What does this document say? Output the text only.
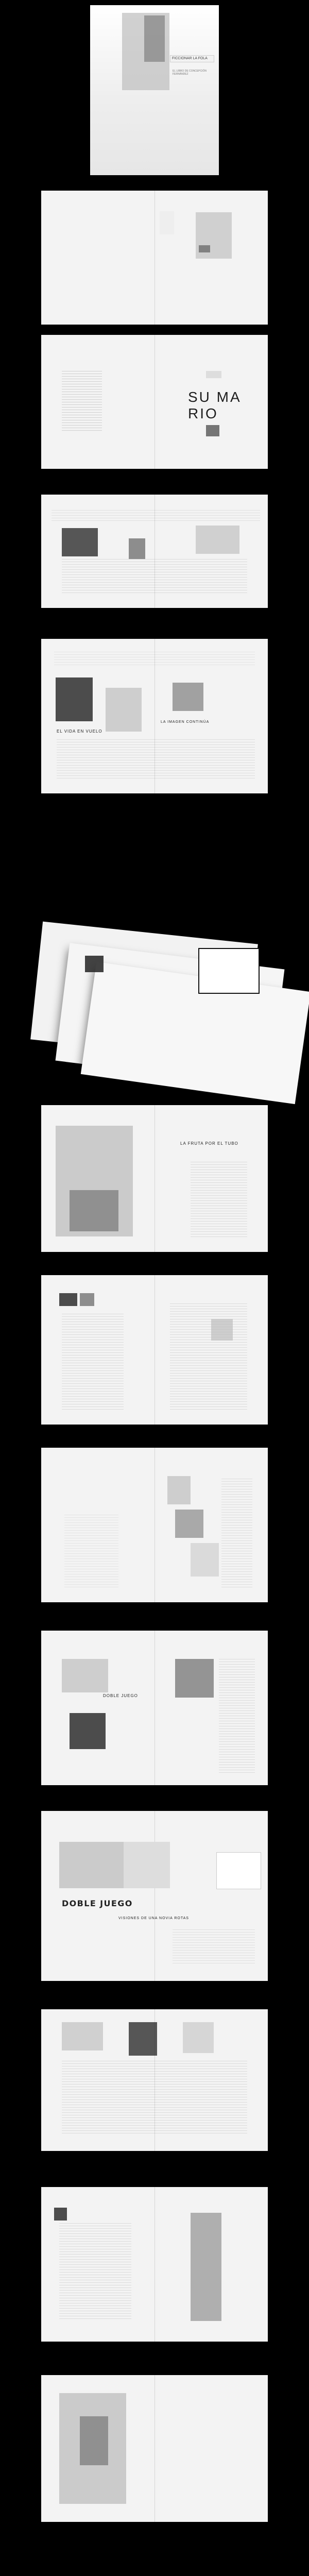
FICCIONAR LA FOLA
EL LIBRO DE CONCEPCIÓN FERNÁNDEZ
SU MA RIO
EL VIDA EN VUELO
LA IMAGEN CONTINÚA
LA FRUTA POR EL TUBO
DOBLE JUEGO
DOBLE JUEGO
VISIONES DE UNA NOVIA ROTAS
